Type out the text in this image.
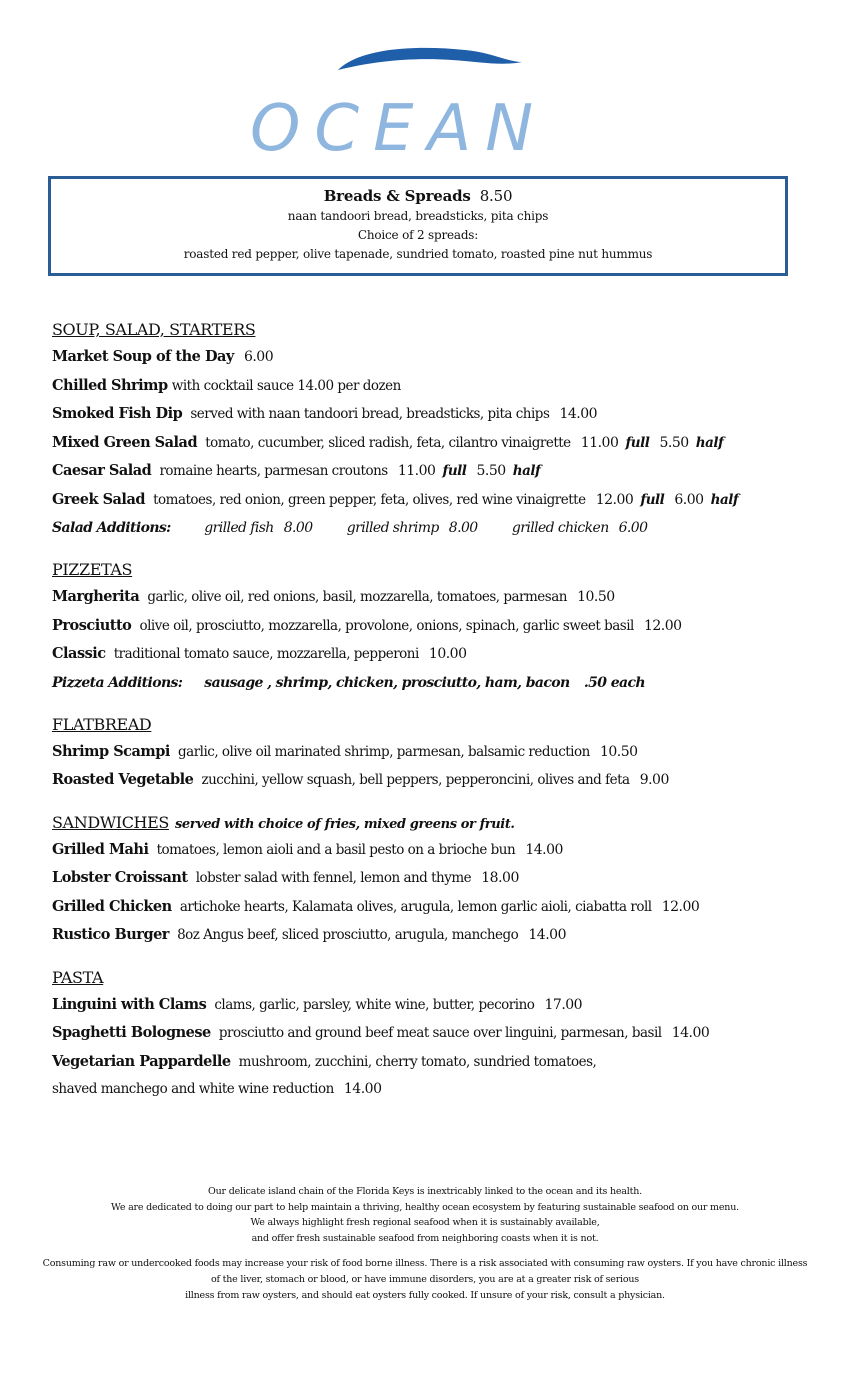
OCEAN
Breads & Spreads 8.50
naan tandoori bread, breadsticks, pita chips
Choice of 2 spreads:
roasted red pepper, olive tapenade, sundried tomato, roasted pine nut hummus
SOUP, SALAD, STARTERS
Market Soup of the Day 6.00
Chilled Shrimp with cocktail sauce 14.00 per dozen
Smoked Fish Dip served with naan tandoori bread, breadsticks, pita chips 14.00
Mixed Green Salad tomato, cucumber, sliced radish, feta, cilantro vinaigrette 11.00 full 5.50 half
Caesar Salad romaine hearts, parmesan croutons 11.00 full 5.50 half
Greek Salad tomatoes, red onion, green pepper, feta, olives, red wine vinaigrette 12.00 full 6.00 half
Salad Additions: grilled fish 8.00 grilled shrimp 8.00 grilled chicken 6.00
PIZZETAS
Margherita garlic, olive oil, red onions, basil, mozzarella, tomatoes, parmesan 10.50
Prosciutto olive oil, prosciutto, mozzarella, provolone, onions, spinach, garlic sweet basil 12.00
Classic traditional tomato sauce, mozzarella, pepperoni 10.00
Pizzeta Additions: sausage , shrimp, chicken, prosciutto, ham, bacon .50 each
FLATBREAD
Shrimp Scampi garlic, olive oil marinated shrimp, parmesan, balsamic reduction 10.50
Roasted Vegetable zucchini, yellow squash, bell peppers, pepperoncini, olives and feta 9.00
SANDWICHES served with choice of fries, mixed greens or fruit.
Grilled Mahi tomatoes, lemon aioli and a basil pesto on a brioche bun 14.00
Lobster Croissant lobster salad with fennel, lemon and thyme 18.00
Grilled Chicken artichoke hearts, Kalamata olives, arugula, lemon garlic aioli, ciabatta roll 12.00
Rustico Burger 8oz Angus beef, sliced prosciutto, arugula, manchego 14.00
PASTA
Linguini with Clams clams, garlic, parsley, white wine, butter, pecorino 17.00
Spaghetti Bolognese prosciutto and ground beef meat sauce over linguini, parmesan, basil 14.00
Vegetarian Pappardelle mushroom, zucchini, cherry tomato, sundried tomatoes,
shaved manchego and white wine reduction 14.00
Our delicate island chain of the Florida Keys is inextricably linked to the ocean and its health.
We are dedicated to doing our part to help maintain a thriving, healthy ocean ecosystem by featuring sustainable seafood on our menu.
We always highlight fresh regional seafood when it is sustainably available,
and offer fresh sustainable seafood from neighboring coasts when it is not.
Consuming raw or undercooked foods may increase your risk of food borne illness. There is a risk associated with consuming raw oysters. If you have chronic illness
of the liver, stomach or blood, or have immune disorders, you are at a greater risk of serious
illness from raw oysters, and should eat oysters fully cooked. If unsure of your risk, consult a physician.
